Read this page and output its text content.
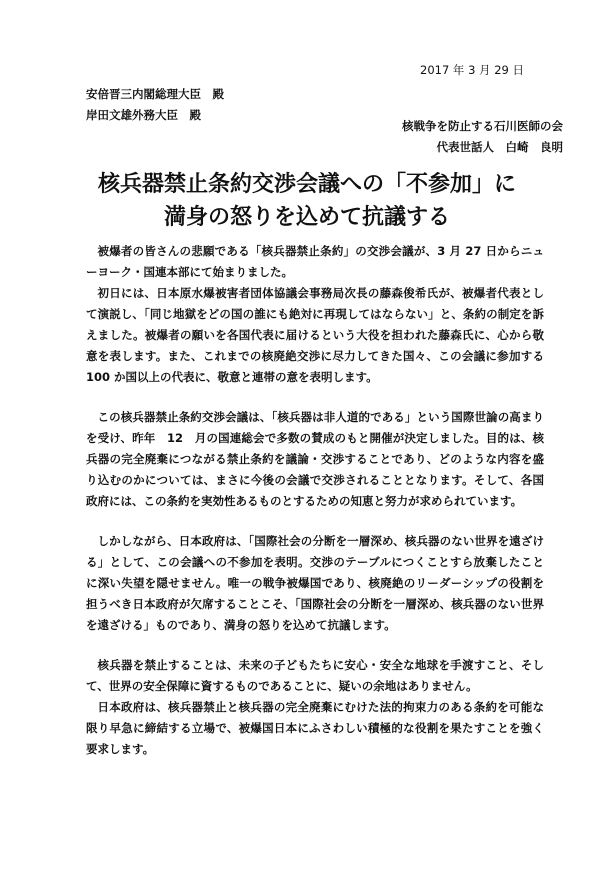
2017 年 3 月 29 日
安倍晋三内閣総理大臣　殿
岸田文雄外務大臣　殿
核戦争を防止する石川医師の会
代表世話人　白崎　良明
核兵器禁止条約交渉会議への「不参加」に
満身の怒りを込めて抗議する

被爆者の皆さんの悲願である「核兵器禁止条約」の交渉会議が、3 月 27 日からニューヨーク・国連本部にて始まりました。

初日には、日本原水爆被害者団体協議会事務局次長の藤森俊希氏が、被爆者代表として演説し、「同じ地獄をどの国の誰にも絶対に再現してはならない」と、条約の制定を訴えました。被爆者の願いを各国代表に届けるという大役を担われた藤森氏に、心から敬意を表します。また、これまでの核廃絶交渉に尽力してきた国々、この会議に参加する 100 か国以上の代表に、敬意と連帯の意を表明します。

この核兵器禁止条約交渉会議は、「核兵器は非人道的である」という国際世論の高まりを受け、昨年　12　月の国連総会で多数の賛成のもと開催が決定しました。目的は、核兵器の完全廃棄につながる禁止条約を議論・交渉することであり、どのような内容を盛り込むのかについては、まさに今後の会議で交渉されることとなります。そして、各国政府には、この条約を実効性あるものとするための知恵と努力が求められています。

しかしながら、日本政府は、「国際社会の分断を一層深め、核兵器のない世界を遠ざける」として、この会議への不参加を表明。交渉のテーブルにつくことすら放棄したことに深い失望を隠せません。唯一の戦争被爆国であり、核廃絶のリーダーシップの役割を担うべき日本政府が欠席することこそ、「国際社会の分断を一層深め、核兵器のない世界を遠ざける」ものであり、満身の怒りを込めて抗議します。

核兵器を禁止することは、未来の子どもたちに安心・安全な地球を手渡すこと、そして、世界の安全保障に資するものであることに、疑いの余地はありません。

日本政府は、核兵器禁止と核兵器の完全廃棄にむけた法的拘束力のある条約を可能な限り早急に締結する立場で、被爆国日本にふさわしい積極的な役割を果たすことを強く要求します。
